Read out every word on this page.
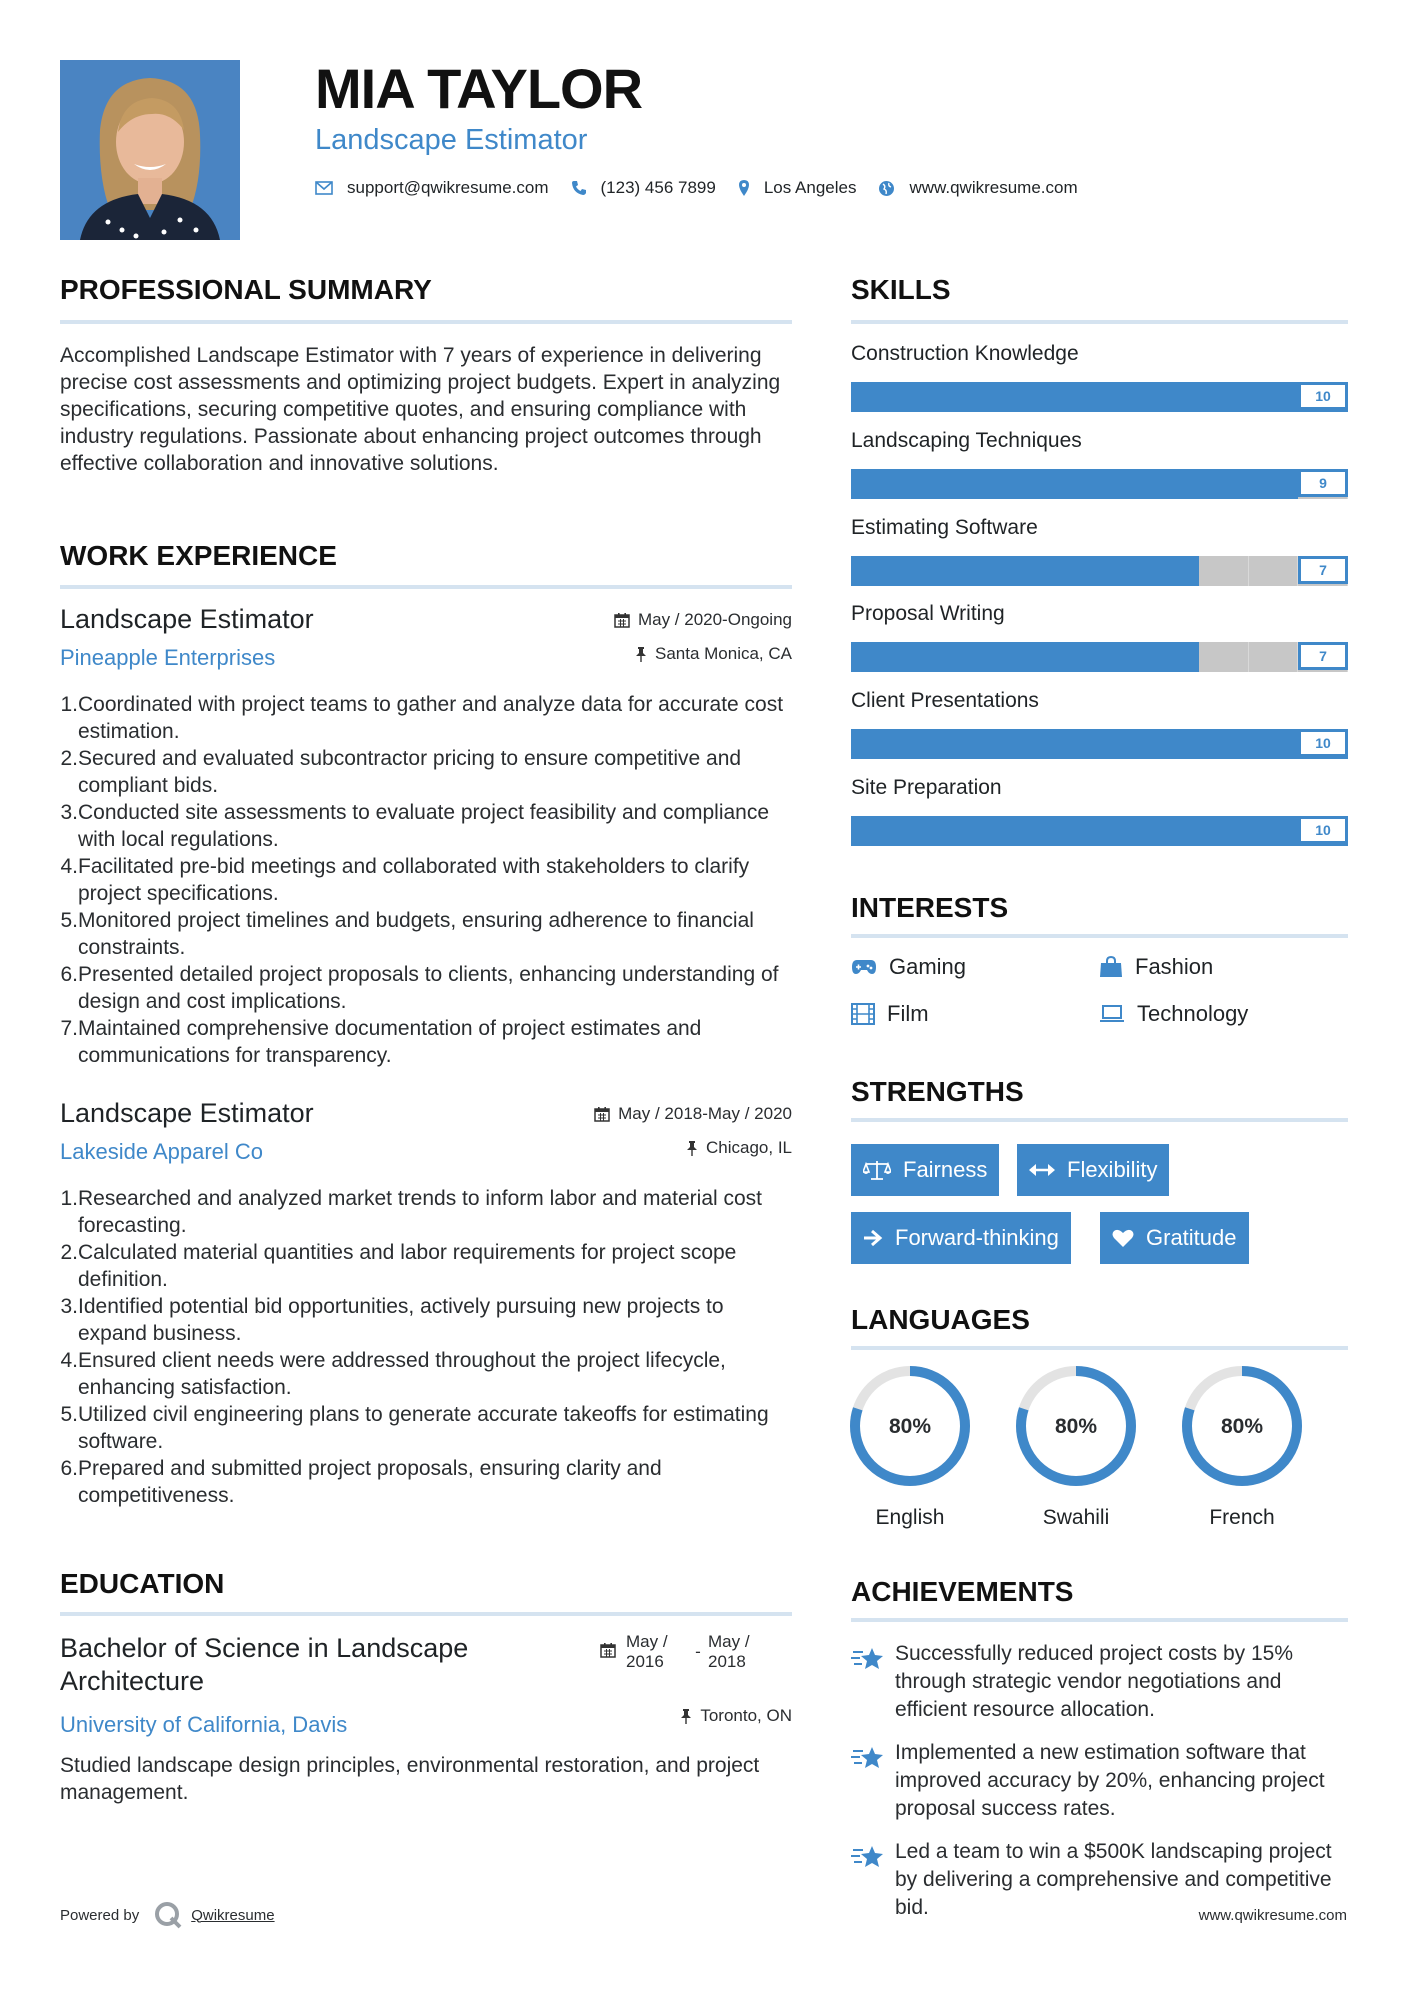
MIA TAYLOR
Landscape Estimator
support@qwikresume.com	(123) 456 7899	Los Angeles	www.qwikresume.com
PROFESSIONAL SUMMARY
Accomplished Landscape Estimator with 7 years of experience in delivering precise cost assessments and optimizing project budgets. Expert in analyzing specifications, securing competitive quotes, and ensuring compliance with industry regulations. Passionate about enhancing project outcomes through effective collaboration and innovative solutions.
WORK EXPERIENCE
Landscape Estimator
Pineapple Enterprises
May / 2020-Ongoing
Santa Monica, CA
1. Coordinated with project teams to gather and analyze data for accurate cost estimation.
2. Secured and evaluated subcontractor pricing to ensure competitive and compliant bids.
3. Conducted site assessments to evaluate project feasibility and compliance with local regulations.
4. Facilitated pre-bid meetings and collaborated with stakeholders to clarify project specifications.
5. Monitored project timelines and budgets, ensuring adherence to financial constraints.
6. Presented detailed project proposals to clients, enhancing understanding of design and cost implications.
7. Maintained comprehensive documentation of project estimates and communications for transparency.
Landscape Estimator
Lakeside Apparel Co
May / 2018-May / 2020
Chicago, IL
1. Researched and analyzed market trends to inform labor and material cost forecasting.
2. Calculated material quantities and labor requirements for project scope definition.
3. Identified potential bid opportunities, actively pursuing new projects to expand business.
4. Ensured client needs were addressed throughout the project lifecycle, enhancing satisfaction.
5. Utilized civil engineering plans to generate accurate takeoffs for estimating software.
6. Prepared and submitted project proposals, ensuring clarity and competitiveness.
EDUCATION
Bachelor of Science in Landscape Architecture
University of California, Davis
Studied landscape design principles, environmental restoration, and project management.
May / 2016
-
May / 2018
Toronto, ON
Powered by	Qwikresume	www.qwikresume.com
SKILLS
Construction Knowledge
10
Landscaping Techniques
9
Estimating Software
7
Proposal Writing
7
Client Presentations
10
Site Preparation
10
INTERESTS
Gaming	Fashion
Film	Technology
STRENGTHS
Fairness	Flexibility
Forward-thinking	Gratitude
LANGUAGES
80%
English
80%
Swahili
80%
French
ACHIEVEMENTS
Successfully reduced project costs by 15% through strategic vendor negotiations and efficient resource allocation.
Implemented a new estimation software that improved accuracy by 20%, enhancing project proposal success rates.
Led a team to win a $500K landscaping project by delivering a comprehensive and competitive bid.
